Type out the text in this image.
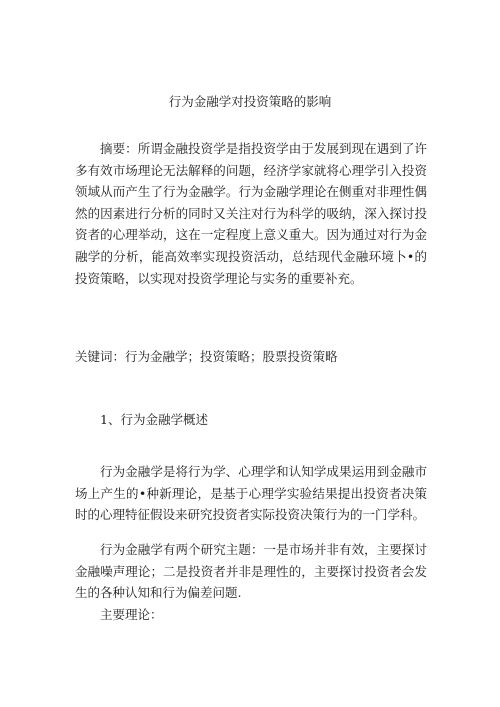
行为金融学对投资策略的影响

摘要：所谓金融投资学是指投资学由于发展到现在遇到了许多有效市场理论无法解释的问题，经济学家就将心理学引入投资领域从而产生了行为金融学。行为金融学理论在侧重对非理性偶然的因素进行分析的同时又关注对行为科学的吸纳，深入探讨投资者的心理举动，这在一定程度上意义重大。因为通过对行为金融学的分析，能高效率实现投资活动，总结现代金融环境卜•的投资策略，以实现对投资学理论与实务的重要补充。

关键词：行为金融学；投资策略；股票投资策略

1、行为金融学概述

行为金融学是将行为学、心理学和认知学成果运用到金融市场上产生的•种新理论，是基于心理学实验结果提出投资者决策时的心理特征假设来研究投资者实际投资决策行为的一门学科。

行为金融学有两个研究主题：一是市场并非有效，主要探讨金融噪声理论；二是投资者并非是理性的，主要探讨投资者会发生的各种认知和行为偏差问题.

主要理论：
